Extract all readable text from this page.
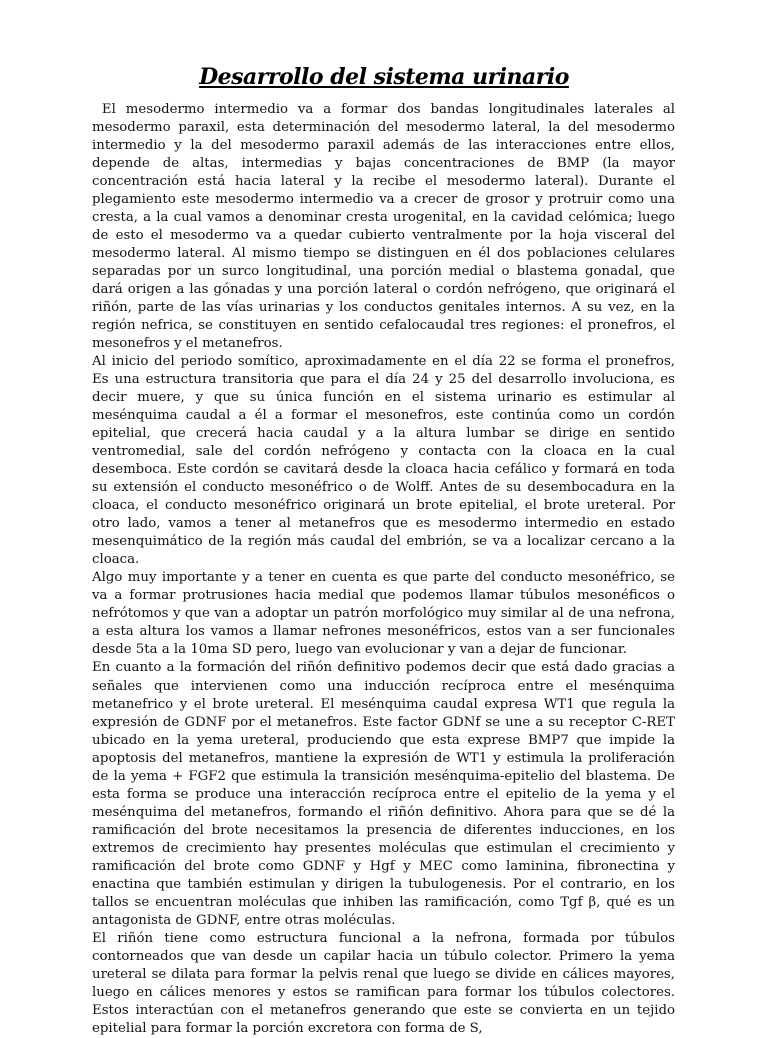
Desarrollo del sistema urinario

El mesodermo intermedio va a formar dos bandas longitudinales laterales al mesodermo paraxil, esta determinación del mesodermo lateral, la del mesodermo intermedio y la del mesodermo paraxil además de las interacciones entre ellos, depende de altas, intermedias y bajas concentraciones de BMP (la mayor concentración está hacia lateral y la recibe el mesodermo lateral). Durante el plegamiento este mesodermo intermedio va a crecer de grosor y protruir como una cresta, a la cual vamos a denominar cresta urogenital, en la cavidad celómica; luego de esto el mesodermo va a quedar cubierto ventralmente por la hoja visceral del mesodermo lateral. Al mismo tiempo se distinguen en él dos poblaciones celulares separadas por un surco longitudinal, una porción medial o blastema gonadal, que dará origen a las gónadas y una porción lateral o cordón nefrógeno, que originará el riñón, parte de las vías urinarias y los conductos genitales internos. A su vez, en la región nefrica, se constituyen en sentido cefalocaudal tres regiones: el pronefros, el mesonefros y el metanefros.

Al inicio del periodo somítico, aproximadamente en el día 22 se forma el pronefros, Es una estructura transitoria que para el día 24 y 25 del desarrollo involuciona, es decir muere, y que su única función en el sistema urinario es estimular al mesénquima caudal a él a formar el mesonefros, este continúa como un cordón epitelial, que crecerá hacia caudal y a la altura lumbar se dirige en sentido ventromedial, sale del cordón nefrógeno y contacta con la cloaca en la cual desemboca. Este cordón se cavitará desde la cloaca hacia cefálico y formará en toda su extensión el conducto mesonéfrico o de Wolff. Antes de su desembocadura en la cloaca, el conducto mesonéfrico originará un brote epitelial, el brote ureteral. Por otro lado, vamos a tener al metanefros que es mesodermo intermedio en estado mesenquimático de la región más caudal del embrión, se va a localizar cercano a la cloaca.

Algo muy importante y a tener en cuenta es que parte del conducto mesonéfrico, se va a formar protrusiones hacia medial que podemos llamar túbulos mesonéficos o nefrótomos y que van a adoptar un patrón morfológico muy similar al de una nefrona, a esta altura los vamos a llamar nefrones mesonéfricos, estos van a ser funcionales desde 5ta a la 10ma SD pero, luego van evolucionar y van a dejar de funcionar.

En cuanto a la formación del riñón definitivo podemos decir que está dado gracias a señales que intervienen como una inducción recíproca entre el mesénquima metanefrico y el brote ureteral. El mesénquima caudal expresa WT1 que regula la expresión de GDNF por el metanefros. Este factor GDNf se une a su receptor C-RET ubicado en la yema ureteral, produciendo que esta exprese BMP7 que impide la apoptosis del metanefros, mantiene la expresión de WT1 y estimula la proliferación de la yema + FGF2 que estimula la transición mesénquima-epitelio del blastema. De esta forma se produce una interacción recíproca entre el epitelio de la yema y el mesénquima del metanefros, formando el riñón definitivo. Ahora para que se dé la ramificación del brote necesitamos la presencia de diferentes inducciones, en los extremos de crecimiento hay presentes moléculas que estimulan el crecimiento y ramificación del brote como GDNF y Hgf y MEC como laminina, fibronectina y enactina que también estimulan y dirigen la tubulogenesis. Por el contrario, en los tallos se encuentran moléculas que inhiben las ramificación, como Tgf β, qué es un antagonista de GDNF, entre otras moléculas.

El riñón tiene como estructura funcional a la nefrona, formada por túbulos contorneados que van desde un capilar hacia un túbulo colector. Primero la yema ureteral se dilata para formar la pelvis renal que luego se divide en cálices mayores, luego en cálices menores y estos se ramifican para formar los túbulos colectores. Estos interactúan con el metanefros generando que este se convierta en un tejido epitelial para formar la porción excretora con forma de S,
